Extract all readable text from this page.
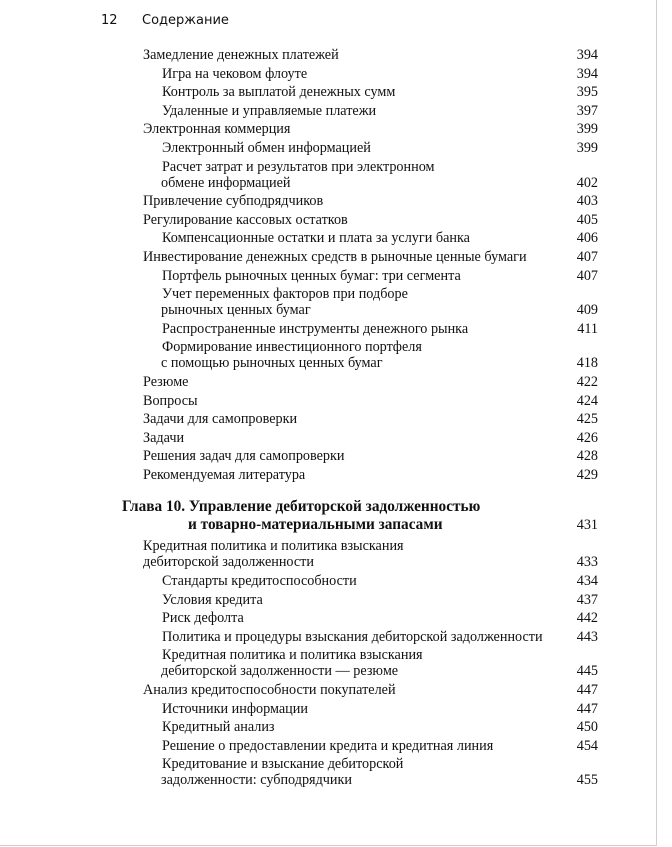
12 Содержание
Замедление денежных платежей	394
Игра на чековом флоуте	394
Контроль за выплатой денежных сумм	395
Удаленные и управляемые платежи	397
Электронная коммерция	399
Электронный обмен информацией	399
Расчет затрат и результатов при электронном
обмене информацией	402
Привлечение субподрядчиков	403
Регулирование кассовых остатков	405
Компенсационные остатки и плата за услуги банка	406
Инвестирование денежных средств в рыночные ценные бумаги	407
Портфель рыночных ценных бумаг: три сегмента	407
Учет переменных факторов при подборе
рыночных ценных бумаг	409
Распространенные инструменты денежного рынка	411
Формирование инвестиционного портфеля
с помощью рыночных ценных бумаг	418
Резюме	422
Вопросы	424
Задачи для самопроверки	425
Задачи	426
Решения задач для самопроверки	428
Рекомендуемая литература	429
Глава 10. Управление дебиторской задолженностью
и товарно-материальными запасами	431
Кредитная политика и политика взыскания
дебиторской задолженности	433
Стандарты кредитоспособности	434
Условия кредита	437
Риск дефолта	442
Политика и процедуры взыскания дебиторской задолженности	443
Кредитная политика и политика взыскания
дебиторской задолженности — резюме	445
Анализ кредитоспособности покупателей	447
Источники информации	447
Кредитный анализ	450
Решение о предоставлении кредита и кредитная линия	454
Кредитование и взыскание дебиторской
задолженности: субподрядчики	455
